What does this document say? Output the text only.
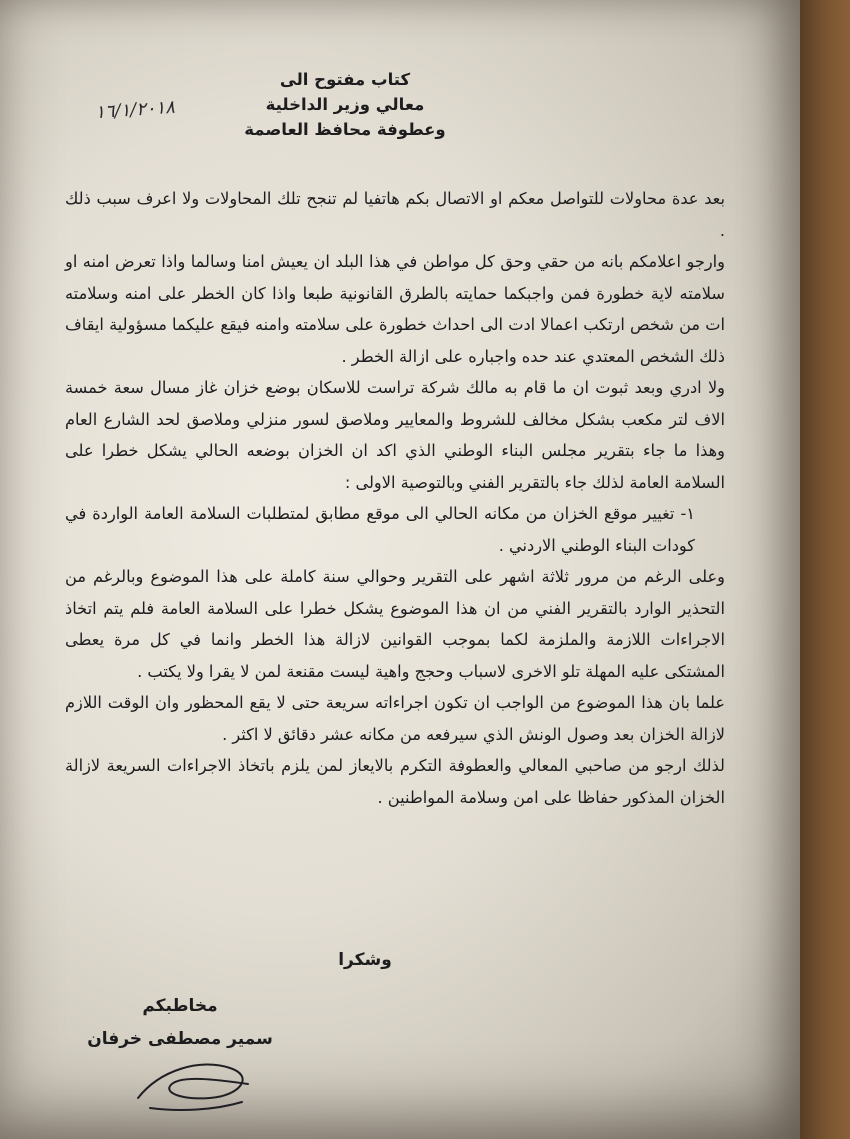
كتاب مفتوح الى
معالي وزير الداخلية
وعطوفة محافظ العاصمة
١٦/١/٢٠١٨

بعد عدة محاولات للتواصل معكم او الاتصال بكم هاتفيا لم تنجح تلك المحاولات ولا اعرف سبب ذلك .

وارجو اعلامكم بانه من حقي وحق كل مواطن في هذا البلد ان يعيش امنا وسالما واذا تعرض امنه او سلامته لاية خطورة فمن واجبكما حمايته بالطرق القانونية طبعا واذا كان الخطر على امنه وسلامته ات من شخص ارتكب اعمالا ادت الى احداث خطورة على سلامته وامنه فيقع عليكما مسؤولية ايقاف ذلك الشخص المعتدي عند حده واجباره على ازالة الخطر .

ولا ادري وبعد ثبوت ان ما قام به مالك شركة تراست للاسكان بوضع خزان غاز مسال سعة خمسة الاف لتر مكعب بشكل مخالف للشروط والمعايير وملاصق لسور منزلي وملاصق لحد الشارع العام وهذا ما جاء بتقرير مجلس البناء الوطني الذي اكد ان الخزان بوضعه الحالي يشكل خطرا على السلامة العامة لذلك جاء بالتقرير الفني وبالتوصية الاولى :

١- تغيير موقع الخزان من مكانه الحالي الى موقع مطابق لمتطلبات السلامة العامة الواردة في كودات البناء الوطني الاردني .

وعلى الرغم من مرور ثلاثة اشهر على التقرير وحوالي سنة كاملة على هذا الموضوع وبالرغم من التحذير الوارد بالتقرير الفني من ان هذا الموضوع يشكل خطرا على السلامة العامة فلم يتم اتخاذ الاجراءات اللازمة والملزمة لكما بموجب القوانين لازالة هذا الخطر وانما في كل مرة يعطى المشتكى عليه المهلة تلو الاخرى لاسباب وحجج واهية ليست مقنعة لمن لا يقرا ولا يكتب .

علما بان هذا الموضوع من الواجب ان تكون اجراءاته سريعة حتى لا يقع المحظور وان الوقت اللازم لازالة الخزان بعد وصول الونش الذي سيرفعه من مكانه عشر دقائق لا اكثر .

لذلك ارجو من صاحبي المعالي والعطوفة التكرم بالايعاز لمن يلزم باتخاذ الاجراءات السريعة لازالة الخزان المذكور حفاظا على امن وسلامة المواطنين .

وشكرا
مخاطبكم
سمير مصطفى خرفان
